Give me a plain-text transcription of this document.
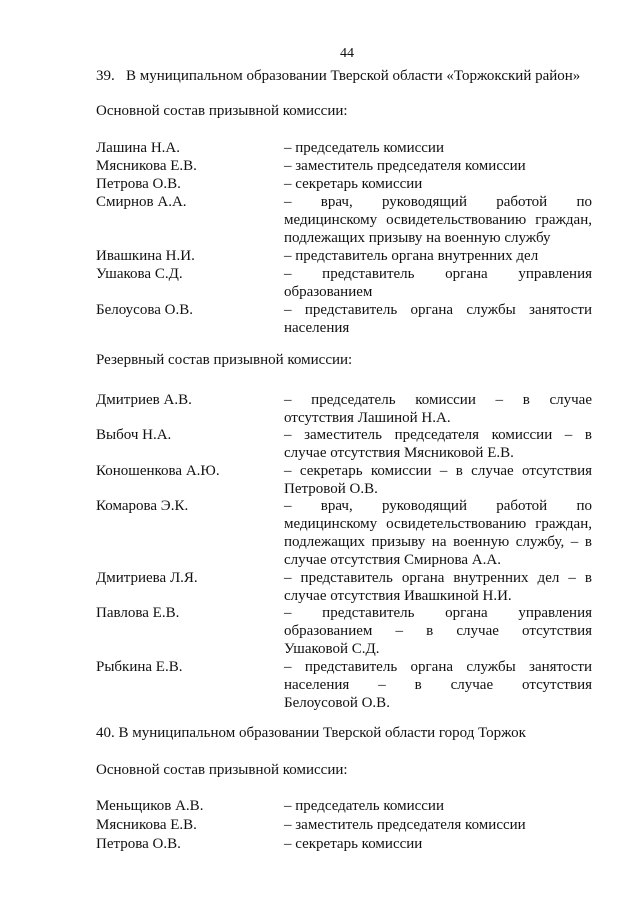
44
39.   В муниципальном образовании Тверской области «Торжокский район»
Основной состав призывной комиссии:
Лашина Н.А.	– председатель комиссии
Мясникова Е.В.	– заместитель председателя комиссии
Петрова О.В.	– секретарь комиссии
Смирнов А.А.	– врач, руководящий работой по
медицинскому освидетельствованию граждан,
подлежащих призыву на военную службу
Ивашкина Н.И.	– представитель органа внутренних дел
Ушакова С.Д.	– представитель органа управления
образованием
Белоусова О.В.	– представитель органа службы занятости
населения
Резервный состав призывной комиссии:
Дмитриев А.В.	– председатель комиссии – в случае
отсутствия Лашиной Н.А.
Выбоч Н.А.	– заместитель председателя комиссии – в
случае отсутствия Мясниковой Е.В.
Коношенкова А.Ю.	– секретарь комиссии – в случае отсутствия
Петровой О.В.
Комарова Э.К.	– врач, руководящий работой по
медицинскому освидетельствованию граждан,
подлежащих призыву на военную службу, – в
случае отсутствия Смирнова А.А.
Дмитриева Л.Я.	– представитель органа внутренних дел – в
случае отсутствия Ивашкиной Н.И.
Павлова Е.В.	– представитель органа управления
образованием – в случае отсутствия
Ушаковой С.Д.
Рыбкина Е.В.	– представитель органа службы занятости
населения – в случае отсутствия
Белоусовой О.В.
40. В муниципальном образовании Тверской области город Торжок
Основной состав призывной комиссии:
Меньщиков А.В.	– председатель комиссии
Мясникова Е.В.	– заместитель председателя комиссии
Петрова О.В.	– секретарь комиссии
